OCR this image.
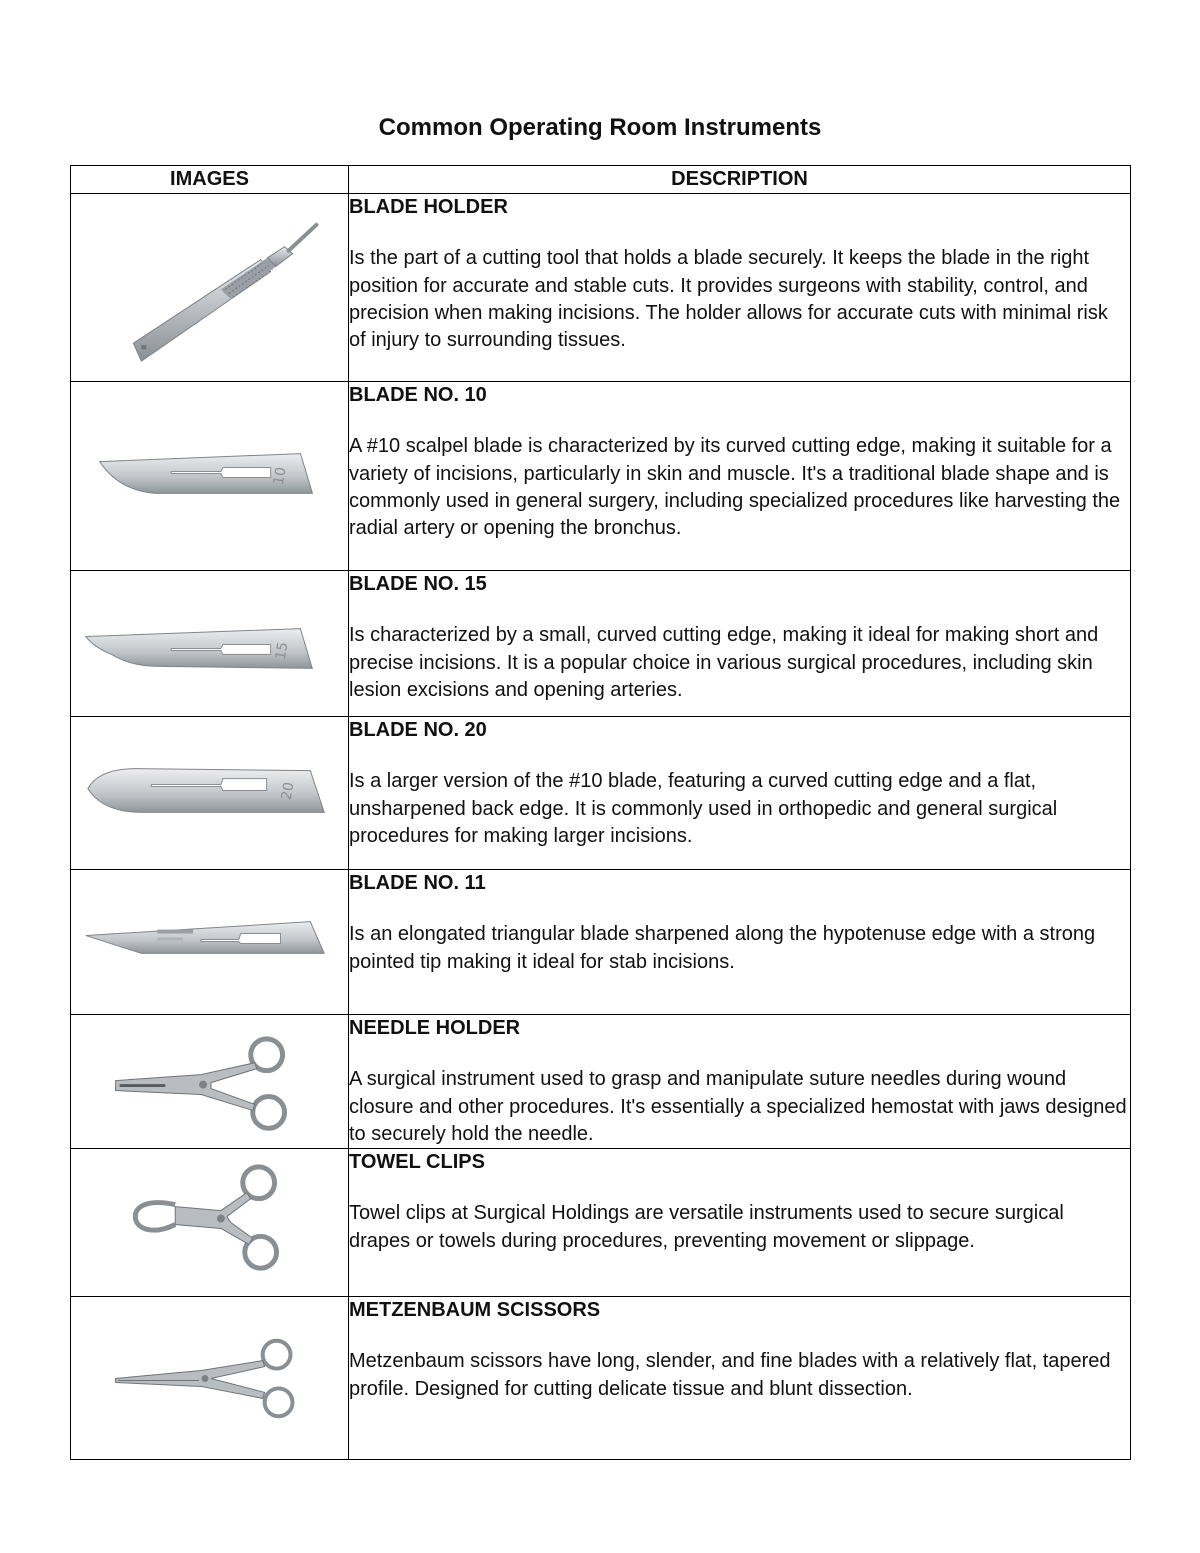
Common Operating Room Instruments
IMAGES	DESCRIPTION

BLADE HOLDER
Is the part of a cutting tool that holds a blade securely. It keeps the blade in the right position for accurate and stable cuts. It provides surgeons with stability, control, and precision when making incisions. The holder allows for accurate cuts with minimal risk of injury to surrounding tissues.

10	BLADE NO. 10
A #10 scalpel blade is characterized by its curved cutting edge, making it suitable for a variety of incisions, particularly in skin and muscle. It's a traditional blade shape and is commonly used in general surgery, including specialized procedures like harvesting the radial artery or opening the bronchus.

15	BLADE NO. 15
Is characterized by a small, curved cutting edge, making it ideal for making short and precise incisions. It is a popular choice in various surgical procedures, including skin lesion excisions and opening arteries.

20	BLADE NO. 20
Is a larger version of the #10 blade, featuring a curved cutting edge and a flat, unsharpened back edge. It is commonly used in orthopedic and general surgical procedures for making larger incisions.

BLADE NO. 11
Is an elongated triangular blade sharpened along the hypotenuse edge with a strong pointed tip making it ideal for stab incisions.

NEEDLE HOLDER
A surgical instrument used to grasp and manipulate suture needles during wound closure and other procedures. It's essentially a specialized hemostat with jaws designed to securely hold the needle.

TOWEL CLIPS
Towel clips at Surgical Holdings are versatile instruments used to secure surgical drapes or towels during procedures, preventing movement or slippage.

METZENBAUM SCISSORS
Metzenbaum scissors have long, slender, and fine blades with a relatively flat, tapered profile. Designed for cutting delicate tissue and blunt dissection.
